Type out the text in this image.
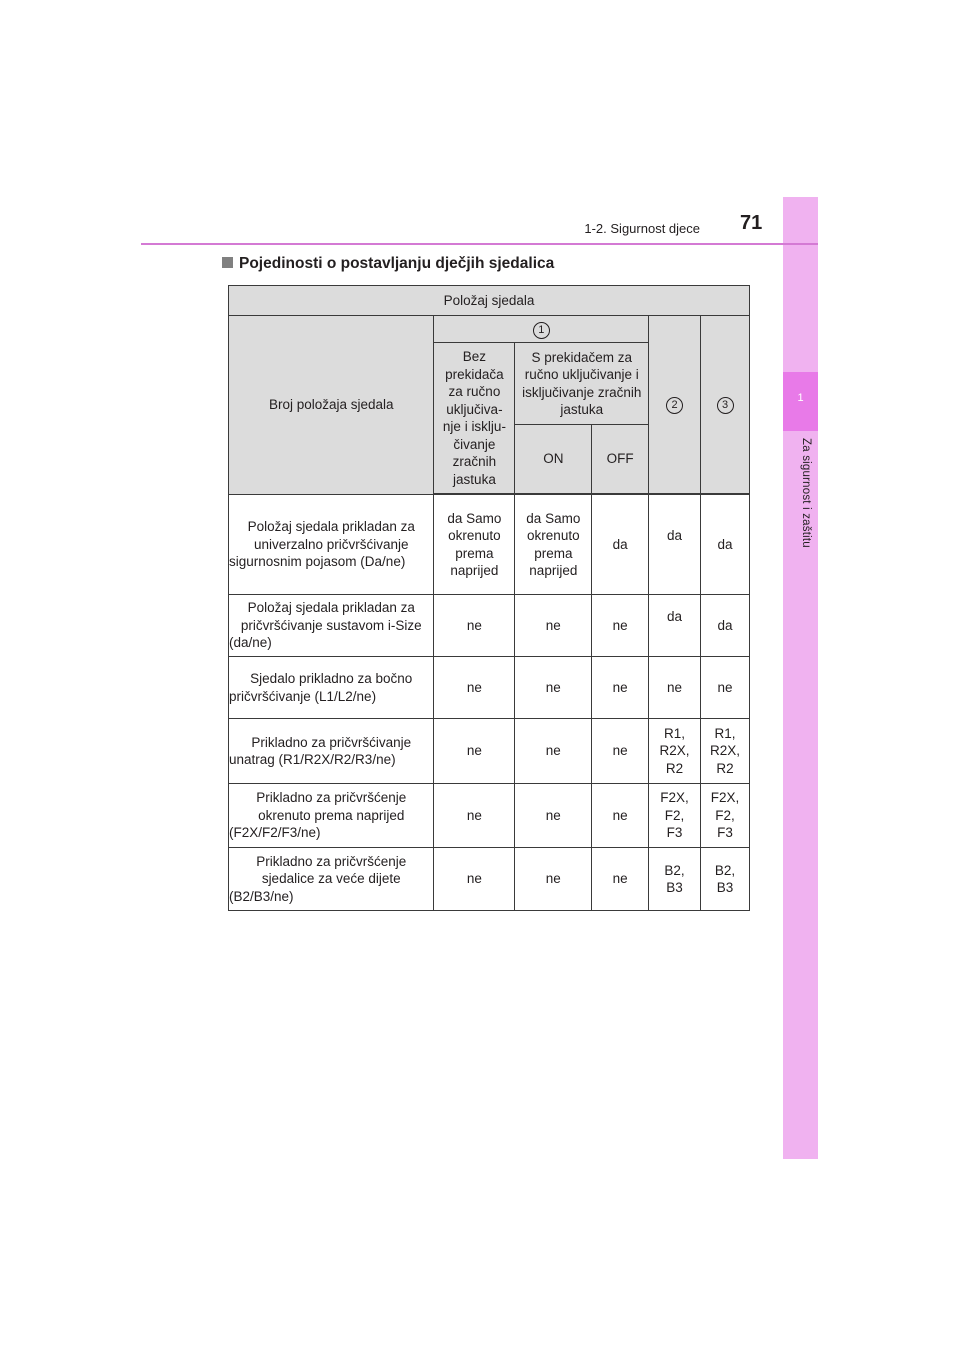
1
Za sigurnost i zaštitu
1-2. Sigurnost djece 71
Pojedinosti o postavljanju dječjih sjedalica
Položaj sjedala					
Broj položaja sjedala	1			2	3
	Bez prekidača za ručno uključiva-nje i isklju-čivanje zračnih jastuka	S prekidačem za ručno uključivanje i isključivanje zračnih jastuka			
		ON	OFF		

Položaj sjedala prikladan za univerzalno pričvršćivanje sigurnosnim pojasom (Da/ne)	da Samo okrenuto prema naprijed	da Samo okrenuto prema naprijed	da	da	da
Položaj sjedala prikladan za pričvršćivanje sustavom i-Size (da/ne)	ne	ne	ne	da	da
Sjedalo prikladno za bočno pričvršćivanje (L1/L2/ne)	ne	ne	ne	ne	ne
Prikladno za pričvršćivanje unatrag (R1/R2X/R2/R3/ne)	ne	ne	ne	R1, R2X, R2	R1, R2X, R2
Prikladno za pričvršćenje okrenuto prema naprijed (F2X/F2/F3/ne)	ne	ne	ne	F2X, F2, F3	F2X, F2, F3
Prikladno za pričvršćenje sjedalice za veće dijete (B2/B3/ne)	ne	ne	ne	B2, B3	B2, B3
